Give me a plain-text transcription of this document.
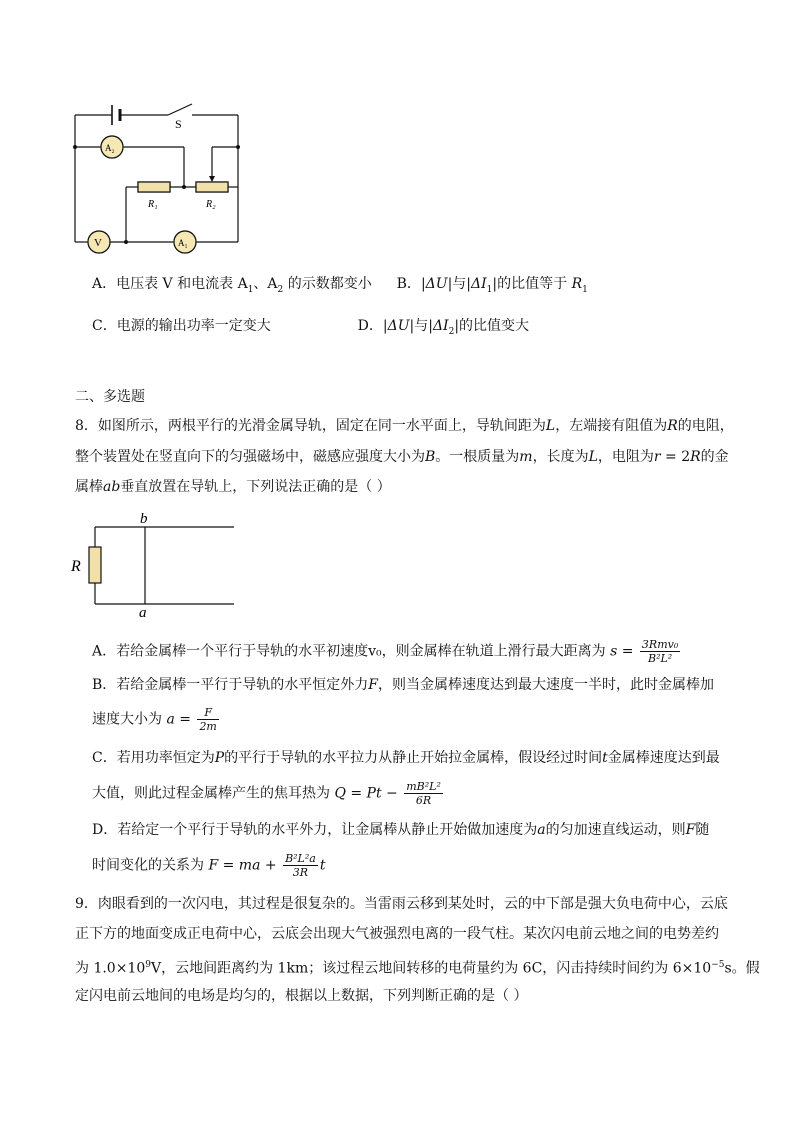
S
A₂
V	A₁
R₁	R₂
A．电压表 V 和电流表 $A_1$、$A_2$ 的示数都变小 B．|ΔU|与$|\Delta I_1|$的比值等于 $R_1$
C．电源的输出功率一定变大	D．|ΔU|与$|\Delta I_2|$的比值变大
二、多选题
8．如图所示，两根平行的光滑金属导轨，固定在同一水平面上，导轨间距为L，左端接有阻值为R的电阻，
整个装置处在竖直向下的匀强磁场中，磁感应强度大小为B。一根质量为m，长度为L，电阻为r = 2R的金
属棒ab垂直放置在导轨上，下列说法正确的是（ ）
R
b
a
A．若给金属棒一个平行于导轨的水平初速度v₀，则金属棒在轨道上滑行最大距离为 $s = \frac{\text{3Rmv₀}}{\text{B²L²}}$
B．若给金属棒一平行于导轨的水平恒定外力F，则当金属棒速度达到最大速度一半时，此时金属棒加
速度大小为 $a = \frac{F}{2m}$
C．若用功率恒定为P的平行于导轨的水平拉力从静止开始拉金属棒，假设经过时间t金属棒速度达到最
大值，则此过程金属棒产生的焦耳热为 $Q = Pt - \frac{\text{mB²L²}}{6R}$
D．若给定一个平行于导轨的水平外力，让金属棒从静止开始做加速度为a的匀加速直线运动，则F随
时间变化的关系为 F = ma + $\frac{\text{B²L²a}}{3R}$ t
9．肉眼看到的一次闪电，其过程是很复杂的。当雷雨云移到某处时，云的中下部是强大负电荷中心，云底
正下方的地面变成正电荷中心，云底会出现大气被强烈电离的一段气柱。某次闪电前云地之间的电势差约
为 $1.0\times 10^9V$，云地间距离约为 1km；该过程云地间转移的电荷量约为 6C，闪击持续时间约为 $6\times 10^{-5}s$。假
定闪电前云地间的电场是均匀的，根据以上数据，下列判断正确的是（ ）
